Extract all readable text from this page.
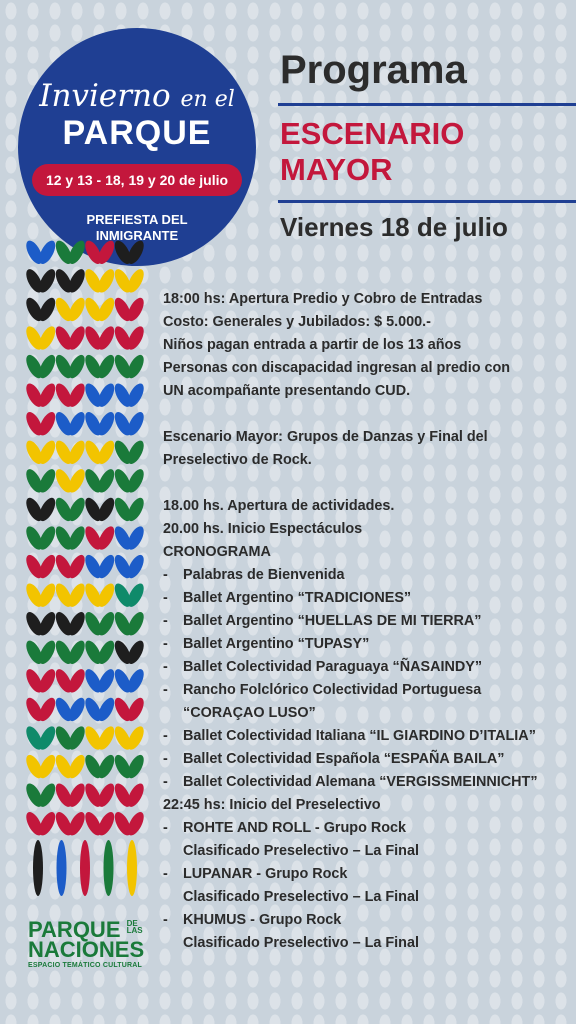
Invierno en el
PARQUE
12 y 13 - 18, 19 y 20 de julio
PREFIESTA DEL
INMIGRANTE
Programa
ESCENARIO
MAYOR
Viernes 18 de julio
18:00 hs: Apertura Predio y Cobro de Entradas
Costo: Generales y Jubilados: $ 5.000.-
Niños pagan entrada a partir de los 13 años
Personas con discapacidad ingresan al predio con
UN acompañante presentando CUD.
Escenario Mayor: Grupos de Danzas y Final del
Preselectivo de Rock.
18.00 hs. Apertura de actividades.
20.00 hs. Inicio Espectáculos
CRONOGRAMA
- Palabras de Bienvenida
- Ballet Argentino “TRADICIONES”
- Ballet Argentino “HUELLAS DE MI TIERRA”
- Ballet Argentino “TUPASY”
- Ballet Colectividad Paraguaya “ÑASAINDY”
- Rancho Folclórico Colectividad Portuguesa
“CORAÇAO LUSO”
- Ballet Colectividad Italiana “IL GIARDINO D’ITALIA”
- Ballet Colectividad Española “ESPAÑA BAILA”
- Ballet Colectividad Alemana “VERGISSMEINNICHT”
22:45 hs: Inicio del Preselectivo
- ROHTE AND ROLL - Grupo Rock
Clasificado Preselectivo – La Final
- LUPANAR - Grupo Rock
Clasificado Preselectivo – La Final
- KHUMUS - Grupo Rock
Clasificado Preselectivo – La Final
PARQUE DE
LAS
NACIONES
ESPACIO TEMÁTICO CULTURAL
